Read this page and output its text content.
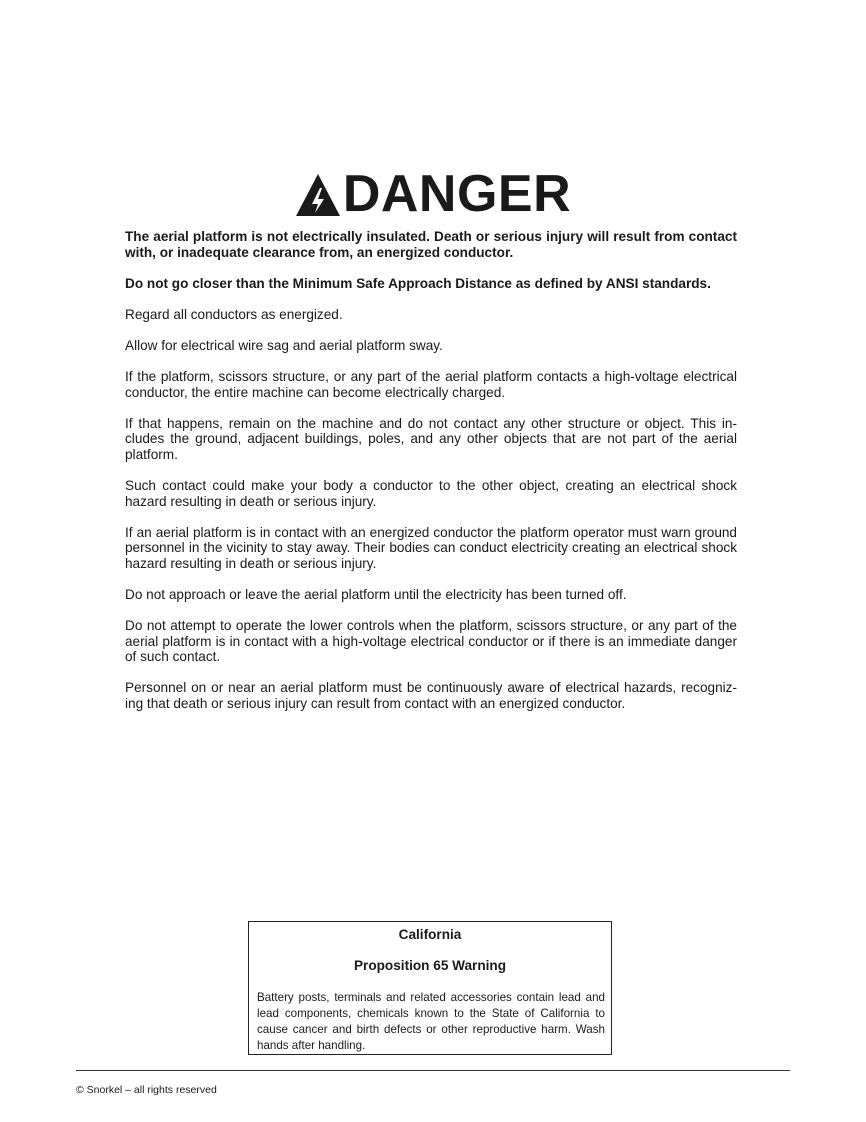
DANGER

The aerial platform is not electrically insulated. Death or serious injury will result from contact with, or inadequate clearance from, an energized conductor.

Do not go closer than the Minimum Safe Approach Distance as defined by ANSI standards.

Regard all conductors as energized.

Allow for electrical wire sag and aerial platform sway.

If the platform, scissors structure, or any part of the aerial platform contacts a high-voltage electrical conductor, the entire machine can become electrically charged.

If that happens, remain on the machine and do not contact any other structure or object. This in-cludes the ground, adjacent buildings, poles, and any other objects that are not part of the aerial platform.

Such contact could make your body a conductor to the other object, creating an electrical shock hazard resulting in death or serious injury.

If an aerial platform is in contact with an energized conductor the platform operator must warn ground personnel in the vicinity to stay away. Their bodies can conduct electricity creating an electrical shock hazard resulting in death or serious injury.

Do not approach or leave the aerial platform until the electricity has been turned off.

Do not attempt to operate the lower controls when the platform, scissors structure, or any part of the aerial platform is in contact with a high-voltage electrical conductor or if there is an immediate danger of such contact.

Personnel on or near an aerial platform must be continuously aware of electrical hazards, recogniz-ing that death or serious injury can result from contact with an energized conductor.

California
Proposition 65 Warning
Battery posts, terminals and related accessories contain lead and lead components, chemicals known to the State of California to cause cancer and birth defects or other reproductive harm. Wash hands after handling.
© Snorkel – all rights reserved
